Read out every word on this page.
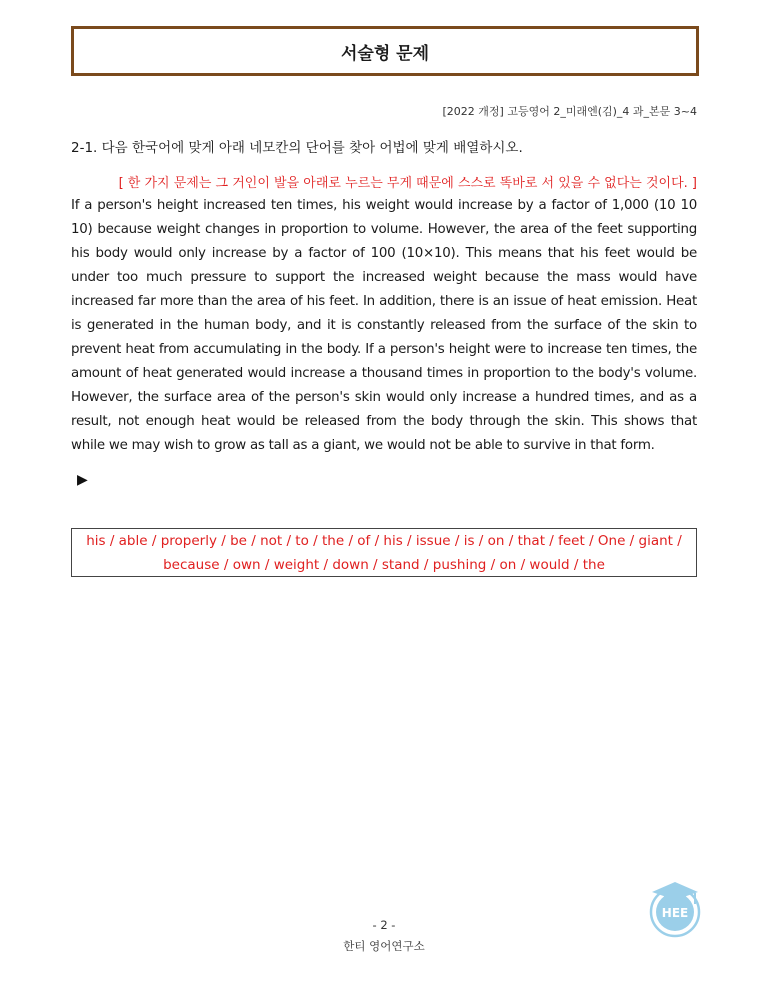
서술형 문제
[2022 개정] 고등영어 2_미래엔(김)_4 과_본문 3~4
2-1. 다음 한국어에 맞게 아래 네모칸의 단어를 찾아 어법에 맞게 배열하시오.
[ 한 가지 문제는 그 거인이 발을 아래로 누르는 무게 때문에 스스로 똑바로 서 있을 수 없다는 것이다. ]
If a person's height increased ten times, his weight would increase by a factor of 1,000 (10 10 10) because weight changes in proportion to volume. However, the area of the feet supporting his body would only increase by a factor of 100 (10×10). This means that his feet would be under too much pressure to support the increased weight because the mass would have increased far more than the area of his feet. In addition, there is an issue of heat emission. Heat is generated in the human body, and it is constantly released from the surface of the skin to prevent heat from accumulating in the body. If a person's height were to increase ten times, the amount of heat generated would increase a thousand times in proportion to the body's volume. However, the surface area of the person's skin would only increase a hundred times, and as a result, not enough heat would be released from the body through the skin. This shows that while we may wish to grow as tall as a giant, we would not be able to survive in that form.
▶
his / able / properly / be / not / to / the / of / his / issue / is / on / that / feet / One / giant /
because / own / weight / down / stand / pushing / on / would / the
HEE
- 2 -
한티 영어연구소
